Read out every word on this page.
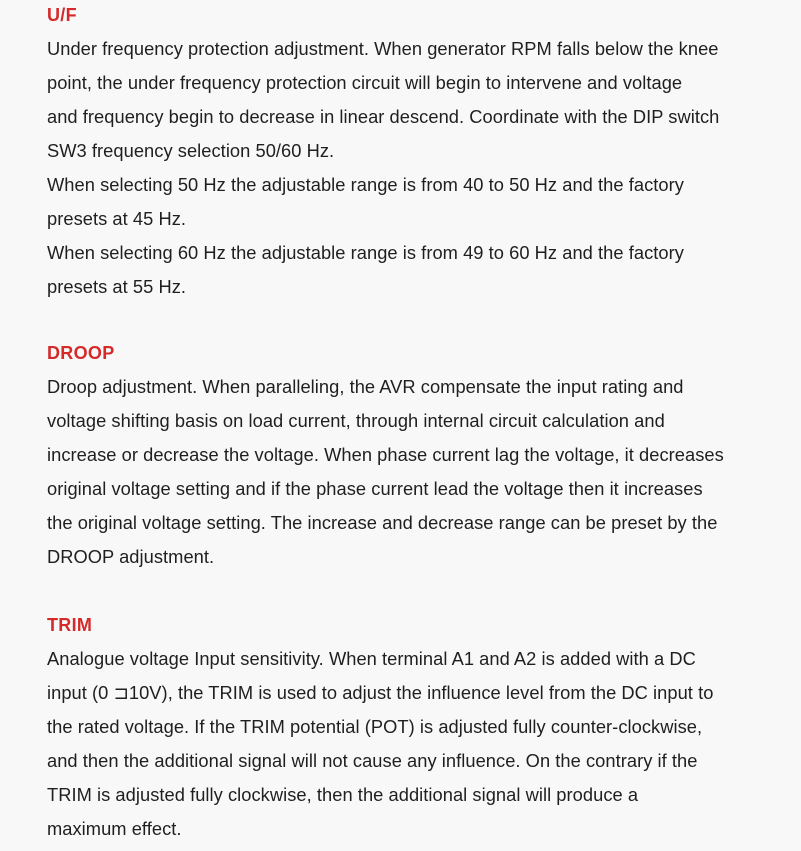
U/F

Under frequency protection adjustment. When generator RPM falls below the knee
point, the under frequency protection circuit will begin to intervene and voltage
and frequency begin to decrease in linear descend. Coordinate with the DIP switch
SW3 frequency selection 50/60 Hz.
When selecting 50 Hz the adjustable range is from 40 to 50 Hz and the factory
presets at 45 Hz.
When selecting 60 Hz the adjustable range is from 49 to 60 Hz and the factory
presets at 55 Hz.

DROOP

Droop adjustment. When paralleling, the AVR compensate the input rating and
voltage shifting basis on load current, through internal circuit calculation and
increase or decrease the voltage. When phase current lag the voltage, it decreases
original voltage setting and if the phase current lead the voltage then it increases
the original voltage setting. The increase and decrease range can be preset by the
DROOP adjustment.

TRIM

Analogue voltage Input sensitivity. When terminal A1 and A2 is added with a DC
input (0 ⊐10V), the TRIM is used to adjust the influence level from the DC input to
the rated voltage. If the TRIM potential (POT) is adjusted fully counter-clockwise,
and then the additional signal will not cause any influence. On the contrary if the
TRIM is adjusted fully clockwise, then the additional signal will produce a
maximum effect.
